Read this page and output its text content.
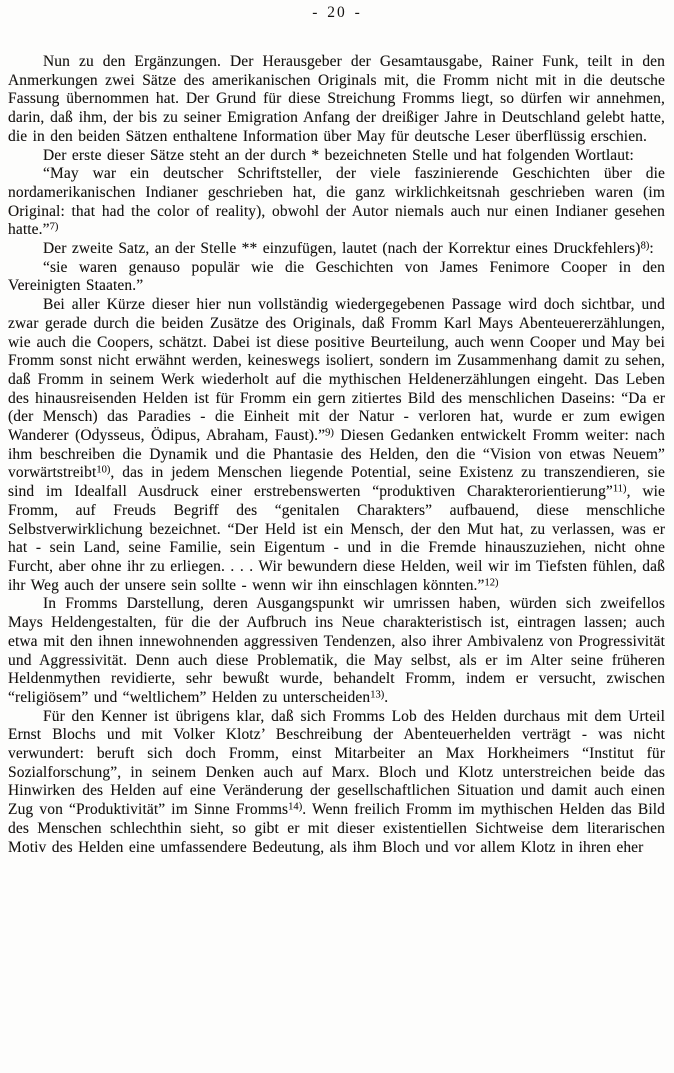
- 20 -

Nun zu den Ergänzungen. Der Herausgeber der Gesamtausgabe, Rainer Funk, teilt in den Anmerkungen zwei Sätze des amerikanischen Originals mit, die Fromm nicht mit in die deutsche Fassung übernommen hat. Der Grund für diese Streichung Fromms liegt, so dürfen wir annehmen, darin, daß ihm, der bis zu seiner Emigration Anfang der dreißiger Jahre in Deutschland gelebt hatte, die in den beiden Sätzen enthaltene Information über May für deutsche Leser überflüssig erschien.

Der erste dieser Sätze steht an der durch * bezeichneten Stelle und hat folgenden Wortlaut:

“May war ein deutscher Schriftsteller, der viele faszinierende Geschichten über die nordamerikanischen Indianer geschrieben hat, die ganz wirklichkeitsnah geschrieben waren (im Original: that had the color of reality), obwohl der Autor niemals auch nur einen Indianer gesehen hatte.”$^{7)}$

Der zweite Satz, an der Stelle ** einzufügen, lautet (nach der Korrektur eines Druckfehlers)$^{8)}$:

“sie waren genauso populär wie die Geschichten von James Fenimore Cooper in den Vereinigten Staaten.”

Bei aller Kürze dieser hier nun vollständig wiedergegebenen Passage wird doch sichtbar, und zwar gerade durch die beiden Zusätze des Originals, daß Fromm Karl Mays Abenteuererzählungen, wie auch die Coopers, schätzt. Dabei ist diese positive Beurteilung, auch wenn Cooper und May bei Fromm sonst nicht erwähnt werden, keineswegs isoliert, sondern im Zusammenhang damit zu sehen, daß Fromm in seinem Werk wiederholt auf die mythischen Heldenerzählungen eingeht. Das Leben des hinausreisenden Helden ist für Fromm ein gern zitiertes Bild des menschlichen Daseins: “Da er (der Mensch) das Paradies - die Einheit mit der Natur - verloren hat, wurde er zum ewigen Wanderer (Odysseus, Ödipus, Abraham, Faust).”$^{9)}$ Diesen Gedanken entwickelt Fromm weiter: nach ihm beschreiben die Dynamik und die Phantasie des Helden, den die “Vision von etwas Neuem” vorwärtstreibt$^{10)}$, das in jedem Menschen liegende Potential, seine Existenz zu transzendieren, sie sind im Idealfall Ausdruck einer erstrebenswerten “produktiven Charakterorientierung”$^{11)}$, wie Fromm, auf Freuds Begriff des “genitalen Charakters” aufbauend, diese menschliche Selbstverwirklichung bezeichnet. “Der Held ist ein Mensch, der den Mut hat, zu verlassen, was er hat - sein Land, seine Familie, sein Eigentum - und in die Fremde hinauszuziehen, nicht ohne Furcht, aber ohne ihr zu erliegen. . . . Wir bewundern diese Helden, weil wir im Tiefsten fühlen, daß ihr Weg auch der unsere sein sollte - wenn wir ihn einschlagen könnten.”$^{12)}$

In Fromms Darstellung, deren Ausgangspunkt wir umrissen haben, würden sich zweifellos Mays Heldengestalten, für die der Aufbruch ins Neue charakteristisch ist, eintragen lassen; auch etwa mit den ihnen innewohnenden aggressiven Tendenzen, also ihrer Ambivalenz von Progressivität und Aggressivität. Denn auch diese Problematik, die May selbst, als er im Alter seine früheren Heldenmythen revidierte, sehr bewußt wurde, behandelt Fromm, indem er versucht, zwischen “religiösem” und “weltlichem” Helden zu unterscheiden$^{13)}$.

Für den Kenner ist übrigens klar, daß sich Fromms Lob des Helden durchaus mit dem Urteil Ernst Blochs und mit Volker Klotz’ Beschreibung der Abenteuerhelden verträgt - was nicht verwundert: beruft sich doch Fromm, einst Mitarbeiter an Max Horkheimers “Institut für Sozialforschung”, in seinem Denken auch auf Marx. Bloch und Klotz unterstreichen beide das Hinwirken des Helden auf eine Veränderung der gesellschaftlichen Situation und damit auch einen Zug von “Produktivität” im Sinne Fromms$^{14)}$. Wenn freilich Fromm im mythischen Helden das Bild des Menschen schlechthin sieht, so gibt er mit dieser existentiellen Sichtweise dem literarischen Motiv des Helden eine umfassendere Bedeutung, als ihm Bloch und vor allem Klotz in ihren eher
